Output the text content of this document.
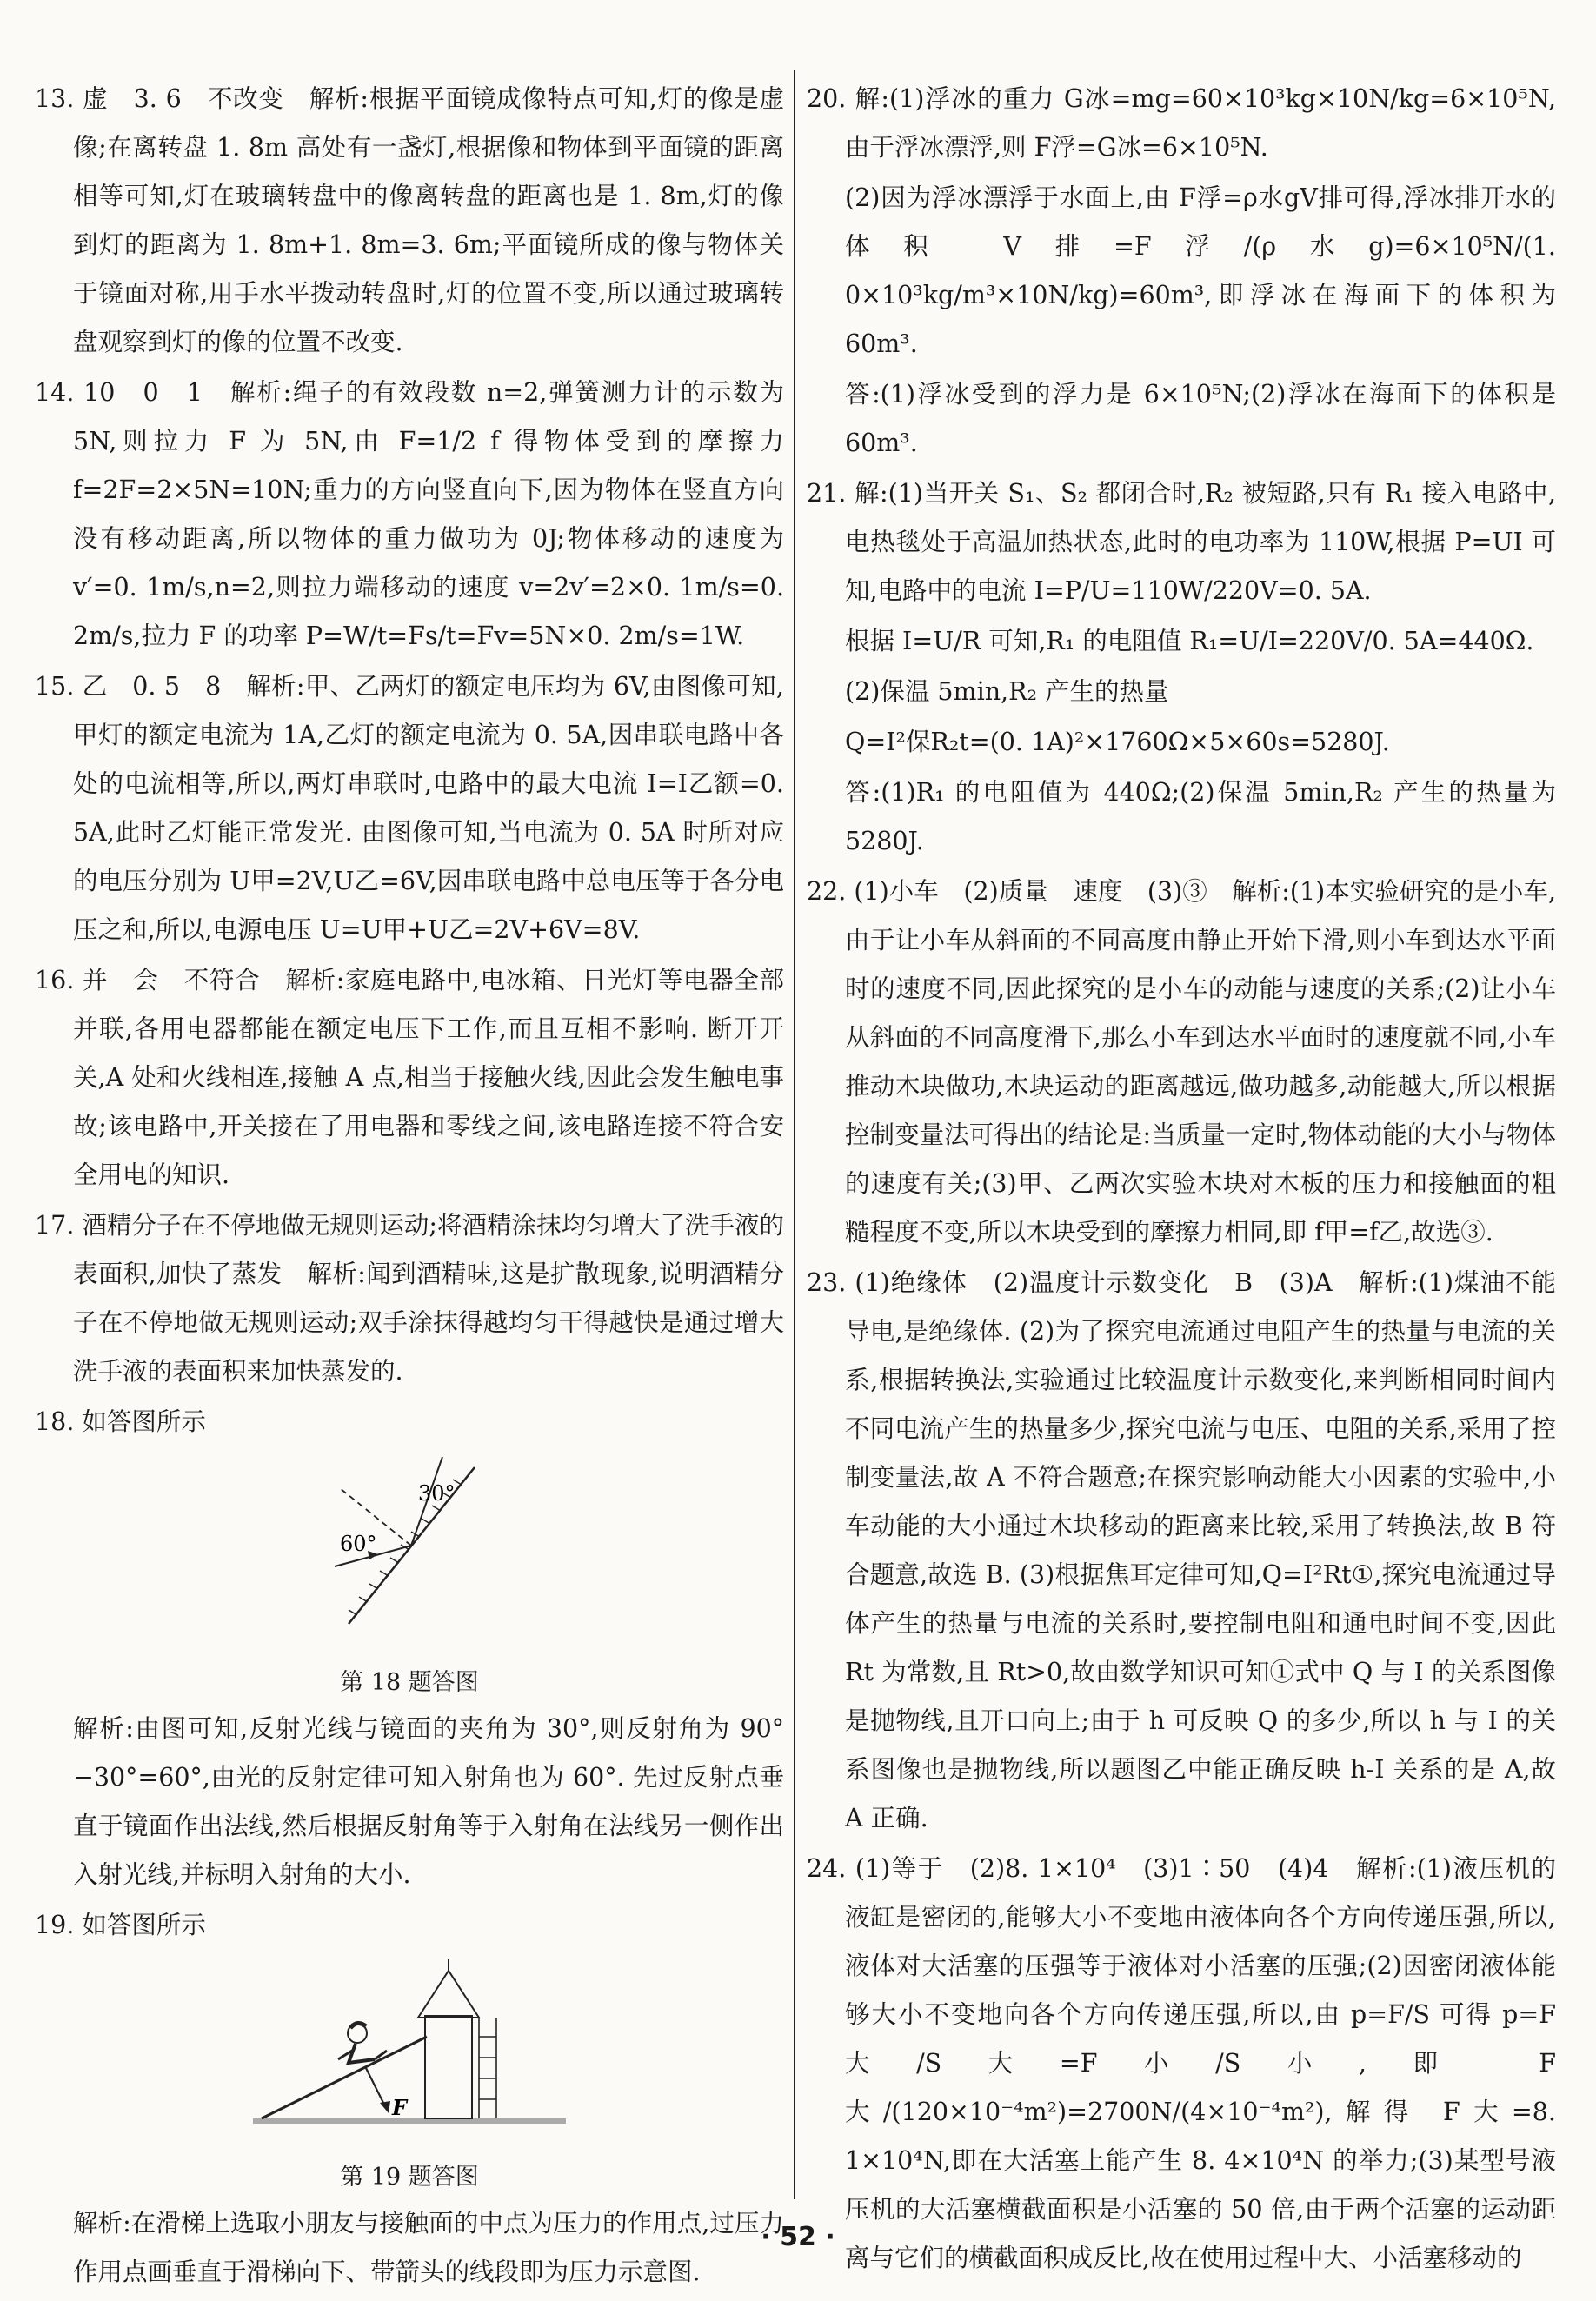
13. 虚　3. 6　不改变　解析:根据平面镜成像特点可知,灯的像是虚像;在离转盘 1. 8m 高处有一盏灯,根据像和物体到平面镜的距离相等可知,灯在玻璃转盘中的像离转盘的距离也是 1. 8m,灯的像到灯的距离为 1. 8m+1. 8m=3. 6m;平面镜所成的像与物体关于镜面对称,用手水平拨动转盘时,灯的位置不变,所以通过玻璃转盘观察到灯的像的位置不改变.

14. 10　0　1　解析:绳子的有效段数 n=2,弹簧测力计的示数为 5N,则拉力 F 为 5N,由 F=1/2 f 得物体受到的摩擦力 f=2F=2×5N=10N;重力的方向竖直向下,因为物体在竖直方向没有移动距离,所以物体的重力做功为 0J;物体移动的速度为 v′=0. 1m/s,n=2,则拉力端移动的速度 v=2v′=2×0. 1m/s=0. 2m/s,拉力 F 的功率 P=W/t=Fs/t=Fv=5N×0. 2m/s=1W.

15. 乙　0. 5　8　解析:甲、乙两灯的额定电压均为 6V,由图像可知,甲灯的额定电流为 1A,乙灯的额定电流为 0. 5A,因串联电路中各处的电流相等,所以,两灯串联时,电路中的最大电流 I=I乙额=0. 5A,此时乙灯能正常发光. 由图像可知,当电流为 0. 5A 时所对应的电压分别为 U甲=2V,U乙=6V,因串联电路中总电压等于各分电压之和,所以,电源电压 U=U甲+U乙=2V+6V=8V.

16. 并　会　不符合　解析:家庭电路中,电冰箱、日光灯等电器全部并联,各用电器都能在额定电压下工作,而且互相不影响. 断开开关,A 处和火线相连,接触 A 点,相当于接触火线,因此会发生触电事故;该电路中,开关接在了用电器和零线之间,该电路连接不符合安全用电的知识.

17. 酒精分子在不停地做无规则运动;将酒精涂抹均匀增大了洗手液的表面积,加快了蒸发　解析:闻到酒精味,这是扩散现象,说明酒精分子在不停地做无规则运动;双手涂抹得越均匀干得越快是通过增大洗手液的表面积来加快蒸发的.

18. 如答图所示

30°
60°
第 18 题答图

解析:由图可知,反射光线与镜面的夹角为 30°,则反射角为 90°−30°=60°,由光的反射定律可知入射角也为 60°. 先过反射点垂直于镜面作出法线,然后根据反射角等于入射角在法线另一侧作出入射光线,并标明入射角的大小.

19. 如答图所示

F
第 19 题答图

解析:在滑梯上选取小朋友与接触面的中点为压力的作用点,过压力作用点画垂直于滑梯向下、带箭头的线段即为压力示意图.

20. 解:(1)浮冰的重力 G冰=mg=60×10³kg×10N/kg=6×10⁵N,由于浮冰漂浮,则 F浮=G冰=6×10⁵N.

(2)因为浮冰漂浮于水面上,由 F浮=ρ水gV排可得,浮冰排开水的体积 V排=F浮/(ρ水g)=6×10⁵N/(1. 0×10³kg/m³×10N/kg)=60m³,即浮冰在海面下的体积为 60m³.

答:(1)浮冰受到的浮力是 6×10⁵N;(2)浮冰在海面下的体积是 60m³.

21. 解:(1)当开关 S₁、S₂ 都闭合时,R₂ 被短路,只有 R₁ 接入电路中,电热毯处于高温加热状态,此时的电功率为 110W,根据 P=UI 可知,电路中的电流 I=P/U=110W/220V=0. 5A.

根据 I=U/R 可知,R₁ 的电阻值 R₁=U/I=220V/0. 5A=440Ω.

(2)保温 5min,R₂ 产生的热量

Q=I²保R₂t=(0. 1A)²×1760Ω×5×60s=5280J.

答:(1)R₁ 的电阻值为 440Ω;(2)保温 5min,R₂ 产生的热量为 5280J.

22. (1)小车　(2)质量　速度　(3)③　解析:(1)本实验研究的是小车,由于让小车从斜面的不同高度由静止开始下滑,则小车到达水平面时的速度不同,因此探究的是小车的动能与速度的关系;(2)让小车从斜面的不同高度滑下,那么小车到达水平面时的速度就不同,小车推动木块做功,木块运动的距离越远,做功越多,动能越大,所以根据控制变量法可得出的结论是:当质量一定时,物体动能的大小与物体的速度有关;(3)甲、乙两次实验木块对木板的压力和接触面的粗糙程度不变,所以木块受到的摩擦力相同,即 f甲=f乙,故选③.

23. (1)绝缘体　(2)温度计示数变化　B　(3)A　解析:(1)煤油不能导电,是绝缘体. (2)为了探究电流通过电阻产生的热量与电流的关系,根据转换法,实验通过比较温度计示数变化,来判断相同时间内不同电流产生的热量多少,探究电流与电压、电阻的关系,采用了控制变量法,故 A 不符合题意;在探究影响动能大小因素的实验中,小车动能的大小通过木块移动的距离来比较,采用了转换法,故 B 符合题意,故选 B. (3)根据焦耳定律可知,Q=I²Rt①,探究电流通过导体产生的热量与电流的关系时,要控制电阻和通电时间不变,因此 Rt 为常数,且 Rt>0,故由数学知识可知①式中 Q 与 I 的关系图像是抛物线,且开口向上;由于 h 可反映 Q 的多少,所以 h 与 I 的关系图像也是抛物线,所以题图乙中能正确反映 h-I 关系的是 A,故 A 正确.

24. (1)等于　(2)8. 1×10⁴　(3)1∶50　(4)4　解析:(1)液压机的液缸是密闭的,能够大小不变地由液体向各个方向传递压强,所以,液体对大活塞的压强等于液体对小活塞的压强;(2)因密闭液体能够大小不变地向各个方向传递压强,所以,由 p=F/S 可得 p=F大/S大=F小/S小,即 F大/(120×10⁻⁴m²)=2700N/(4×10⁻⁴m²),解得 F大=8. 1×10⁴N,即在大活塞上能产生 8. 4×10⁴N 的举力;(3)某型号液压机的大活塞横截面积是小活塞的 50 倍,由于两个活塞的运动距离与它们的横截面积成反比,故在使用过程中大、小活塞移动的

· 52 ·
